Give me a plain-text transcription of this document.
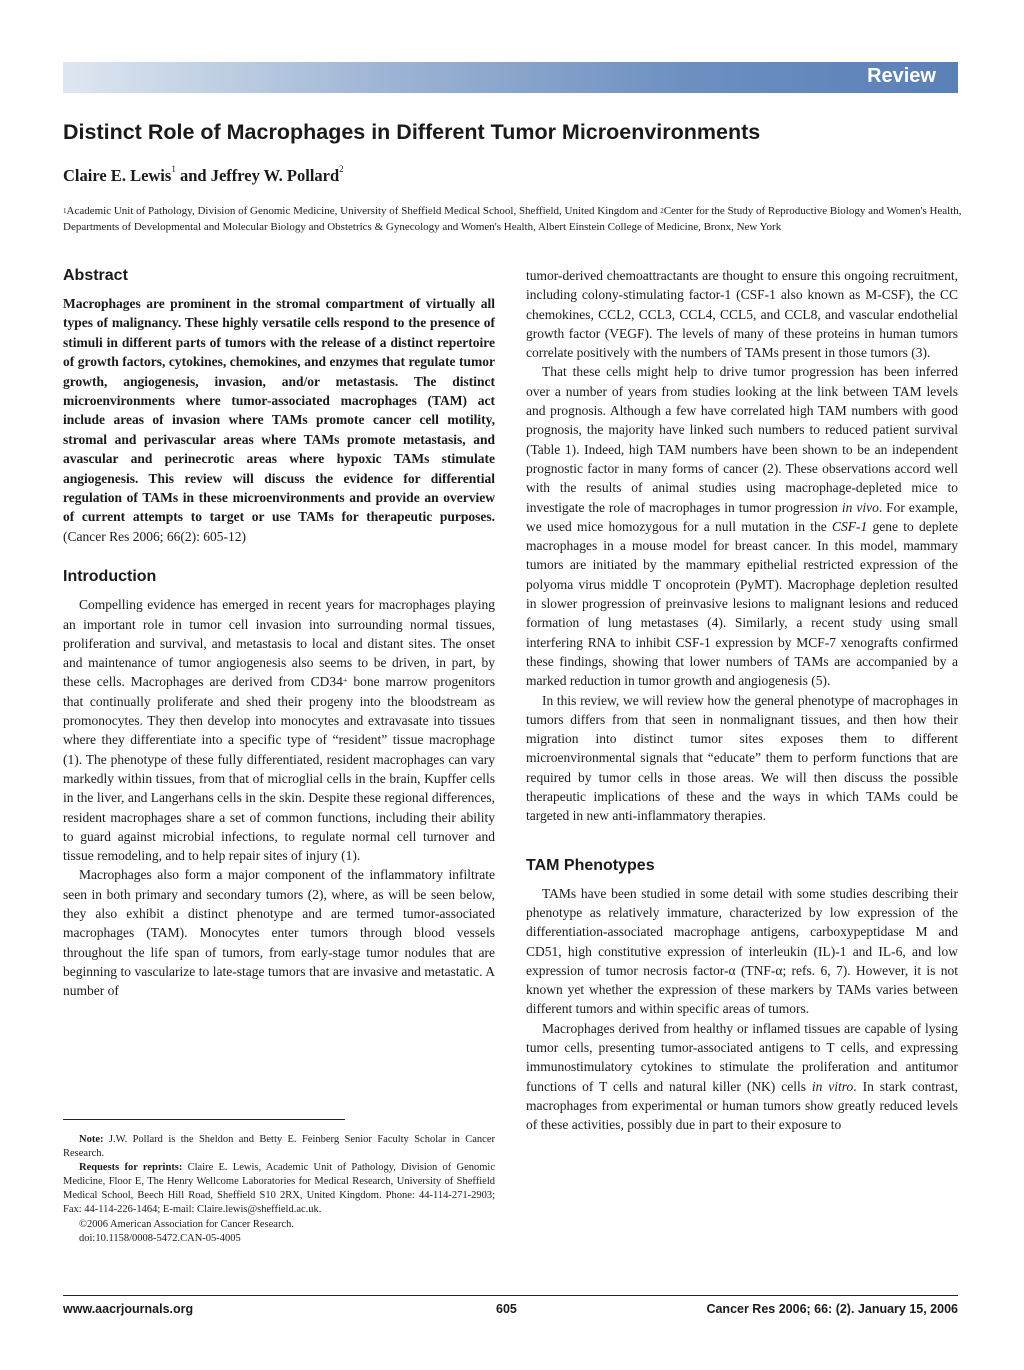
Review
Distinct Role of Macrophages in Different Tumor Microenvironments
Claire E. Lewis$^1$ and Jeffrey W. Pollard$^2$
$^1$Academic Unit of Pathology, Division of Genomic Medicine, University of Sheffield Medical School, Sheffield, United Kingdom and $^2$Center for the Study of Reproductive Biology and Women's Health, Departments of Developmental and Molecular Biology and Obstetrics & Gynecology and Women's Health, Albert Einstein College of Medicine, Bronx, New York
Abstract

Macrophages are prominent in the stromal compartment of virtually all types of malignancy. These highly versatile cells respond to the presence of stimuli in different parts of tumors with the release of a distinct repertoire of growth factors, cytokines, chemokines, and enzymes that regulate tumor growth, angiogenesis, invasion, and/or metastasis. The distinct microenvironments where tumor-associated macrophages (TAM) act include areas of invasion where TAMs promote cancer cell motility, stromal and perivascular areas where TAMs promote metastasis, and avascular and perinecrotic areas where hypoxic TAMs stimulate angiogenesis. This review will discuss the evidence for differential regulation of TAMs in these microenvironments and provide an overview of current attempts to target or use TAMs for therapeutic purposes. (Cancer Res 2006; 66(2): 605-12)

Introduction

Compelling evidence has emerged in recent years for macrophages playing an important role in tumor cell invasion into surrounding normal tissues, proliferation and survival, and metastasis to local and distant sites. The onset and maintenance of tumor angiogenesis also seems to be driven, in part, by these cells. Macrophages are derived from CD34+ bone marrow progenitors that continually proliferate and shed their progeny into the bloodstream as promonocytes. They then develop into monocytes and extravasate into tissues where they differentiate into a specific type of “resident” tissue macrophage (1). The phenotype of these fully differentiated, resident macrophages can vary markedly within tissues, from that of microglial cells in the brain, Kupffer cells in the liver, and Langerhans cells in the skin. Despite these regional differences, resident macrophages share a set of common functions, including their ability to guard against microbial infections, to regulate normal cell turnover and tissue remodeling, and to help repair sites of injury (1).

Macrophages also form a major component of the inflammatory infiltrate seen in both primary and secondary tumors (2), where, as will be seen below, they also exhibit a distinct phenotype and are termed tumor-associated macrophages (TAM). Monocytes enter tumors through blood vessels throughout the life span of tumors, from early-stage tumor nodules that are beginning to vascularize to late-stage tumors that are invasive and metastatic. A number of

Note: J.W. Pollard is the Sheldon and Betty E. Feinberg Senior Faculty Scholar in Cancer Research.

Requests for reprints: Claire E. Lewis, Academic Unit of Pathology, Division of Genomic Medicine, Floor E, The Henry Wellcome Laboratories for Medical Research, University of Sheffield Medical School, Beech Hill Road, Sheffield S10 2RX, United Kingdom. Phone: 44-114-271-2903; Fax: 44-114-226-1464; E-mail: Claire.lewis@sheffield.ac.uk.

©2006 American Association for Cancer Research.

doi:10.1158/0008-5472.CAN-05-4005

tumor-derived chemoattractants are thought to ensure this ongoing recruitment, including colony-stimulating factor-1 (CSF-1 also known as M-CSF), the CC chemokines, CCL2, CCL3, CCL4, CCL5, and CCL8, and vascular endothelial growth factor (VEGF). The levels of many of these proteins in human tumors correlate positively with the numbers of TAMs present in those tumors (3).

That these cells might help to drive tumor progression has been inferred over a number of years from studies looking at the link between TAM levels and prognosis. Although a few have correlated high TAM numbers with good prognosis, the majority have linked such numbers to reduced patient survival (Table 1). Indeed, high TAM numbers have been shown to be an independent prognostic factor in many forms of cancer (2). These observations accord well with the results of animal studies using macrophage-depleted mice to investigate the role of macrophages in tumor progression in vivo. For example, we used mice homozygous for a null mutation in the CSF-1 gene to deplete macrophages in a mouse model for breast cancer. In this model, mammary tumors are initiated by the mammary epithelial restricted expression of the polyoma virus middle T oncoprotein (PyMT). Macrophage depletion resulted in slower progression of preinvasive lesions to malignant lesions and reduced formation of lung metastases (4). Similarly, a recent study using small interfering RNA to inhibit CSF-1 expression by MCF-7 xenografts confirmed these findings, showing that lower numbers of TAMs are accompanied by a marked reduction in tumor growth and angiogenesis (5).

In this review, we will review how the general phenotype of macrophages in tumors differs from that seen in nonmalignant tissues, and then how their migration into distinct tumor sites exposes them to different microenvironmental signals that “educate” them to perform functions that are required by tumor cells in those areas. We will then discuss the possible therapeutic implications of these and the ways in which TAMs could be targeted in new anti-inflammatory therapies.

TAM Phenotypes

TAMs have been studied in some detail with some studies describing their phenotype as relatively immature, characterized by low expression of the differentiation-associated macrophage antigens, carboxypeptidase M and CD51, high constitutive expression of interleukin (IL)-1 and IL-6, and low expression of tumor necrosis factor-α (TNF-α; refs. 6, 7). However, it is not known yet whether the expression of these markers by TAMs varies between different tumors and within specific areas of tumors.

Macrophages derived from healthy or inflamed tissues are capable of lysing tumor cells, presenting tumor-associated antigens to T cells, and expressing immunostimulatory cytokines to stimulate the proliferation and antitumor functions of T cells and natural killer (NK) cells in vitro. In stark contrast, macrophages from experimental or human tumors show greatly reduced levels of these activities, possibly due in part to their exposure to

www.aacrjournals.org	605	Cancer Res 2006; 66: (2). January 15, 2006
